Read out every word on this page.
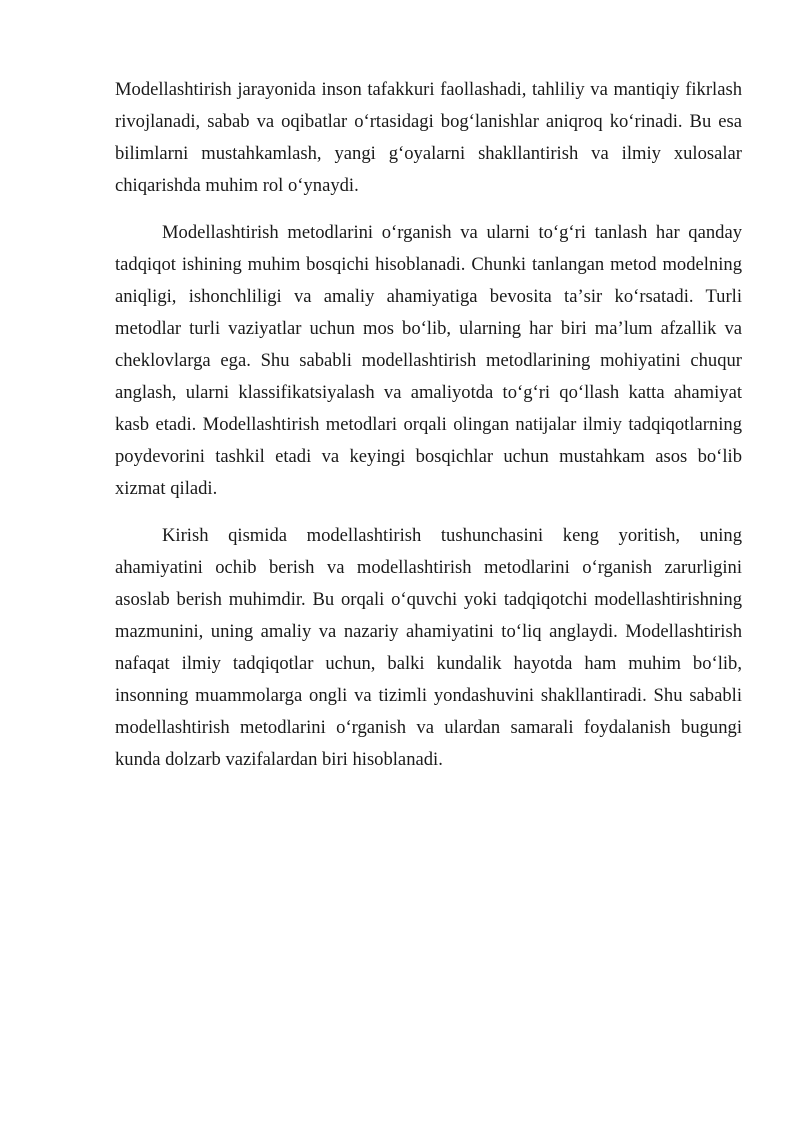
Modellashtirish jarayonida inson tafakkuri faollashadi, tahliliy va mantiqiy fikrlash rivojlanadi, sabab va oqibatlar oʻrtasidagi bogʻlanishlar aniqroq koʻrinadi. Bu esa bilimlarni mustahkamlash, yangi gʻoyalarni shakllantirish va ilmiy xulosalar chiqarishda muhim rol oʻynaydi.

Modellashtirish metodlarini oʻrganish va ularni toʻgʻri tanlash har qanday tadqiqot ishining muhim bosqichi hisoblanadi. Chunki tanlangan metod modelning aniqligi, ishonchliligi va amaliy ahamiyatiga bevosita taʼsir koʻrsatadi. Turli metodlar turli vaziyatlar uchun mos boʻlib, ularning har biri maʼlum afzallik va cheklovlarga ega. Shu sababli modellashtirish metodlarining mohiyatini chuqur anglash, ularni klassifikatsiyalash va amaliyotda toʻgʻri qoʻllash katta ahamiyat kasb etadi. Modellashtirish metodlari orqali olingan natijalar ilmiy tadqiqotlarning poydevorini tashkil etadi va keyingi bosqichlar uchun mustahkam asos boʻlib xizmat qiladi.

Kirish qismida modellashtirish tushunchasini keng yoritish, uning ahamiyatini ochib berish va modellashtirish metodlarini oʻrganish zarurligini asoslab berish muhimdir. Bu orqali oʻquvchi yoki tadqiqotchi modellashtirishning mazmunini, uning amaliy va nazariy ahamiyatini toʻliq anglaydi. Modellashtirish nafaqat ilmiy tadqiqotlar uchun, balki kundalik hayotda ham muhim boʻlib, insonning muammolarga ongli va tizimli yondashuvini shakllantiradi. Shu sababli modellashtirish metodlarini oʻrganish va ulardan samarali foydalanish bugungi kunda dolzarb vazifalardan biri hisoblanadi.
